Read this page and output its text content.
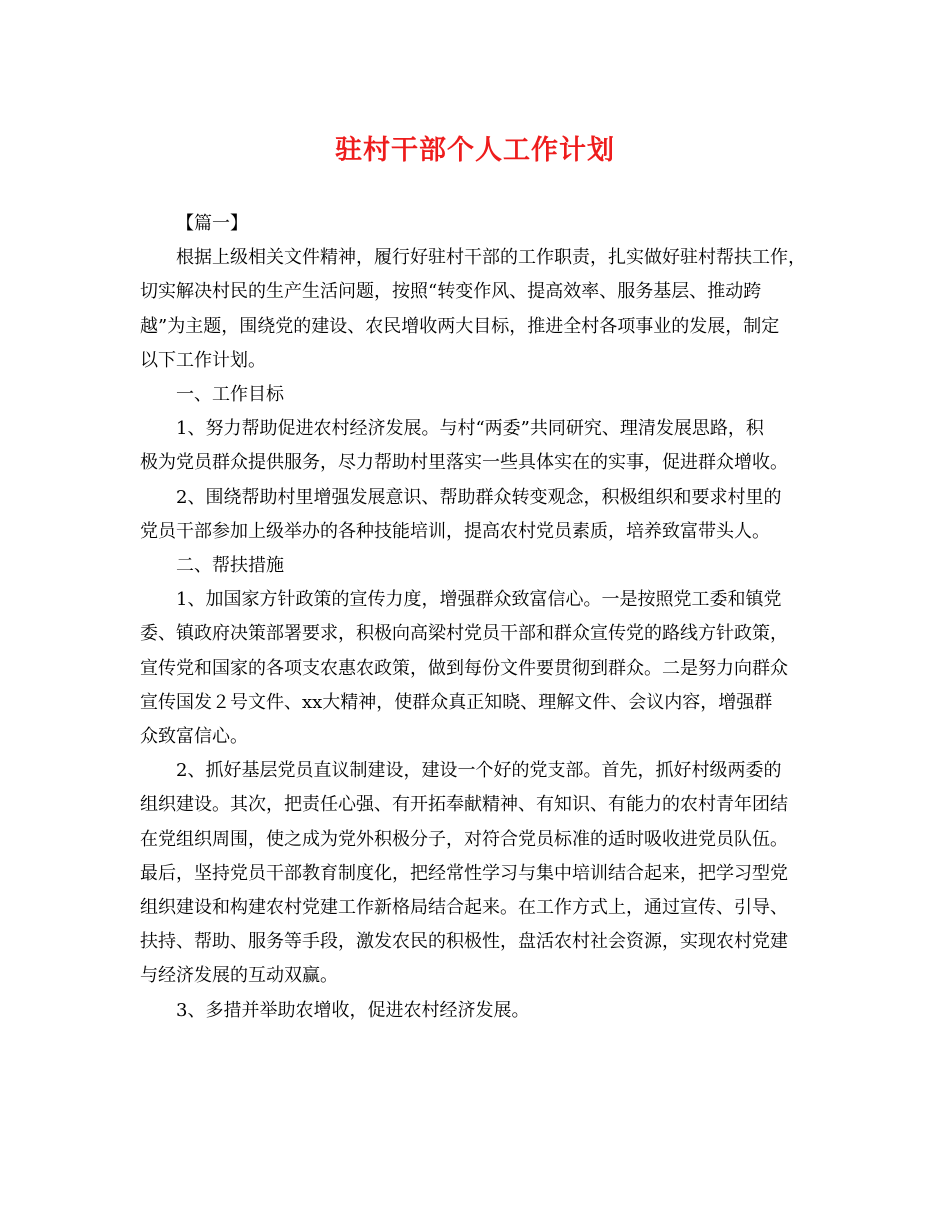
驻村干部个人工作计划

【篇一】

根据上级相关文件精神，履行好驻村干部的工作职责，扎实做好驻村帮扶工作，

切实解决村民的生产生活问题，按照“转变作风、提高效率、服务基层、推动跨

越”为主题，围绕党的建设、农民增收两大目标，推进全村各项事业的发展，制定

以下工作计划。

一、工作目标

1、努力帮助促进农村经济发展。与村“两委”共同研究、理清发展思路，积

极为党员群众提供服务，尽力帮助村里落实一些具体实在的实事，促进群众增收。

2、围绕帮助村里增强发展意识、帮助群众转变观念，积极组织和要求村里的

党员干部参加上级举办的各种技能培训，提高农村党员素质，培养致富带头人。

二、帮扶措施

1、加国家方针政策的宣传力度，增强群众致富信心。一是按照党工委和镇党

委、镇政府决策部署要求，积极向高梁村党员干部和群众宣传党的路线方针政策，

宣传党和国家的各项支农惠农政策，做到每份文件要贯彻到群众。二是努力向群众

宣传国发２号文件、xx大精神，使群众真正知晓、理解文件、会议内容，增强群

众致富信心。

2、抓好基层党员直议制建设，建设一个好的党支部。首先，抓好村级两委的

组织建设。其次，把责任心强、有开拓奉献精神、有知识、有能力的农村青年团结

在党组织周围，使之成为党外积极分子，对符合党员标准的适时吸收进党员队伍。

最后，坚持党员干部教育制度化，把经常性学习与集中培训结合起来，把学习型党

组织建设和构建农村党建工作新格局结合起来。在工作方式上，通过宣传、引导、

扶持、帮助、服务等手段，激发农民的积极性，盘活农村社会资源，实现农村党建

与经济发展的互动双赢。

3、多措并举助农增收，促进农村经济发展。
